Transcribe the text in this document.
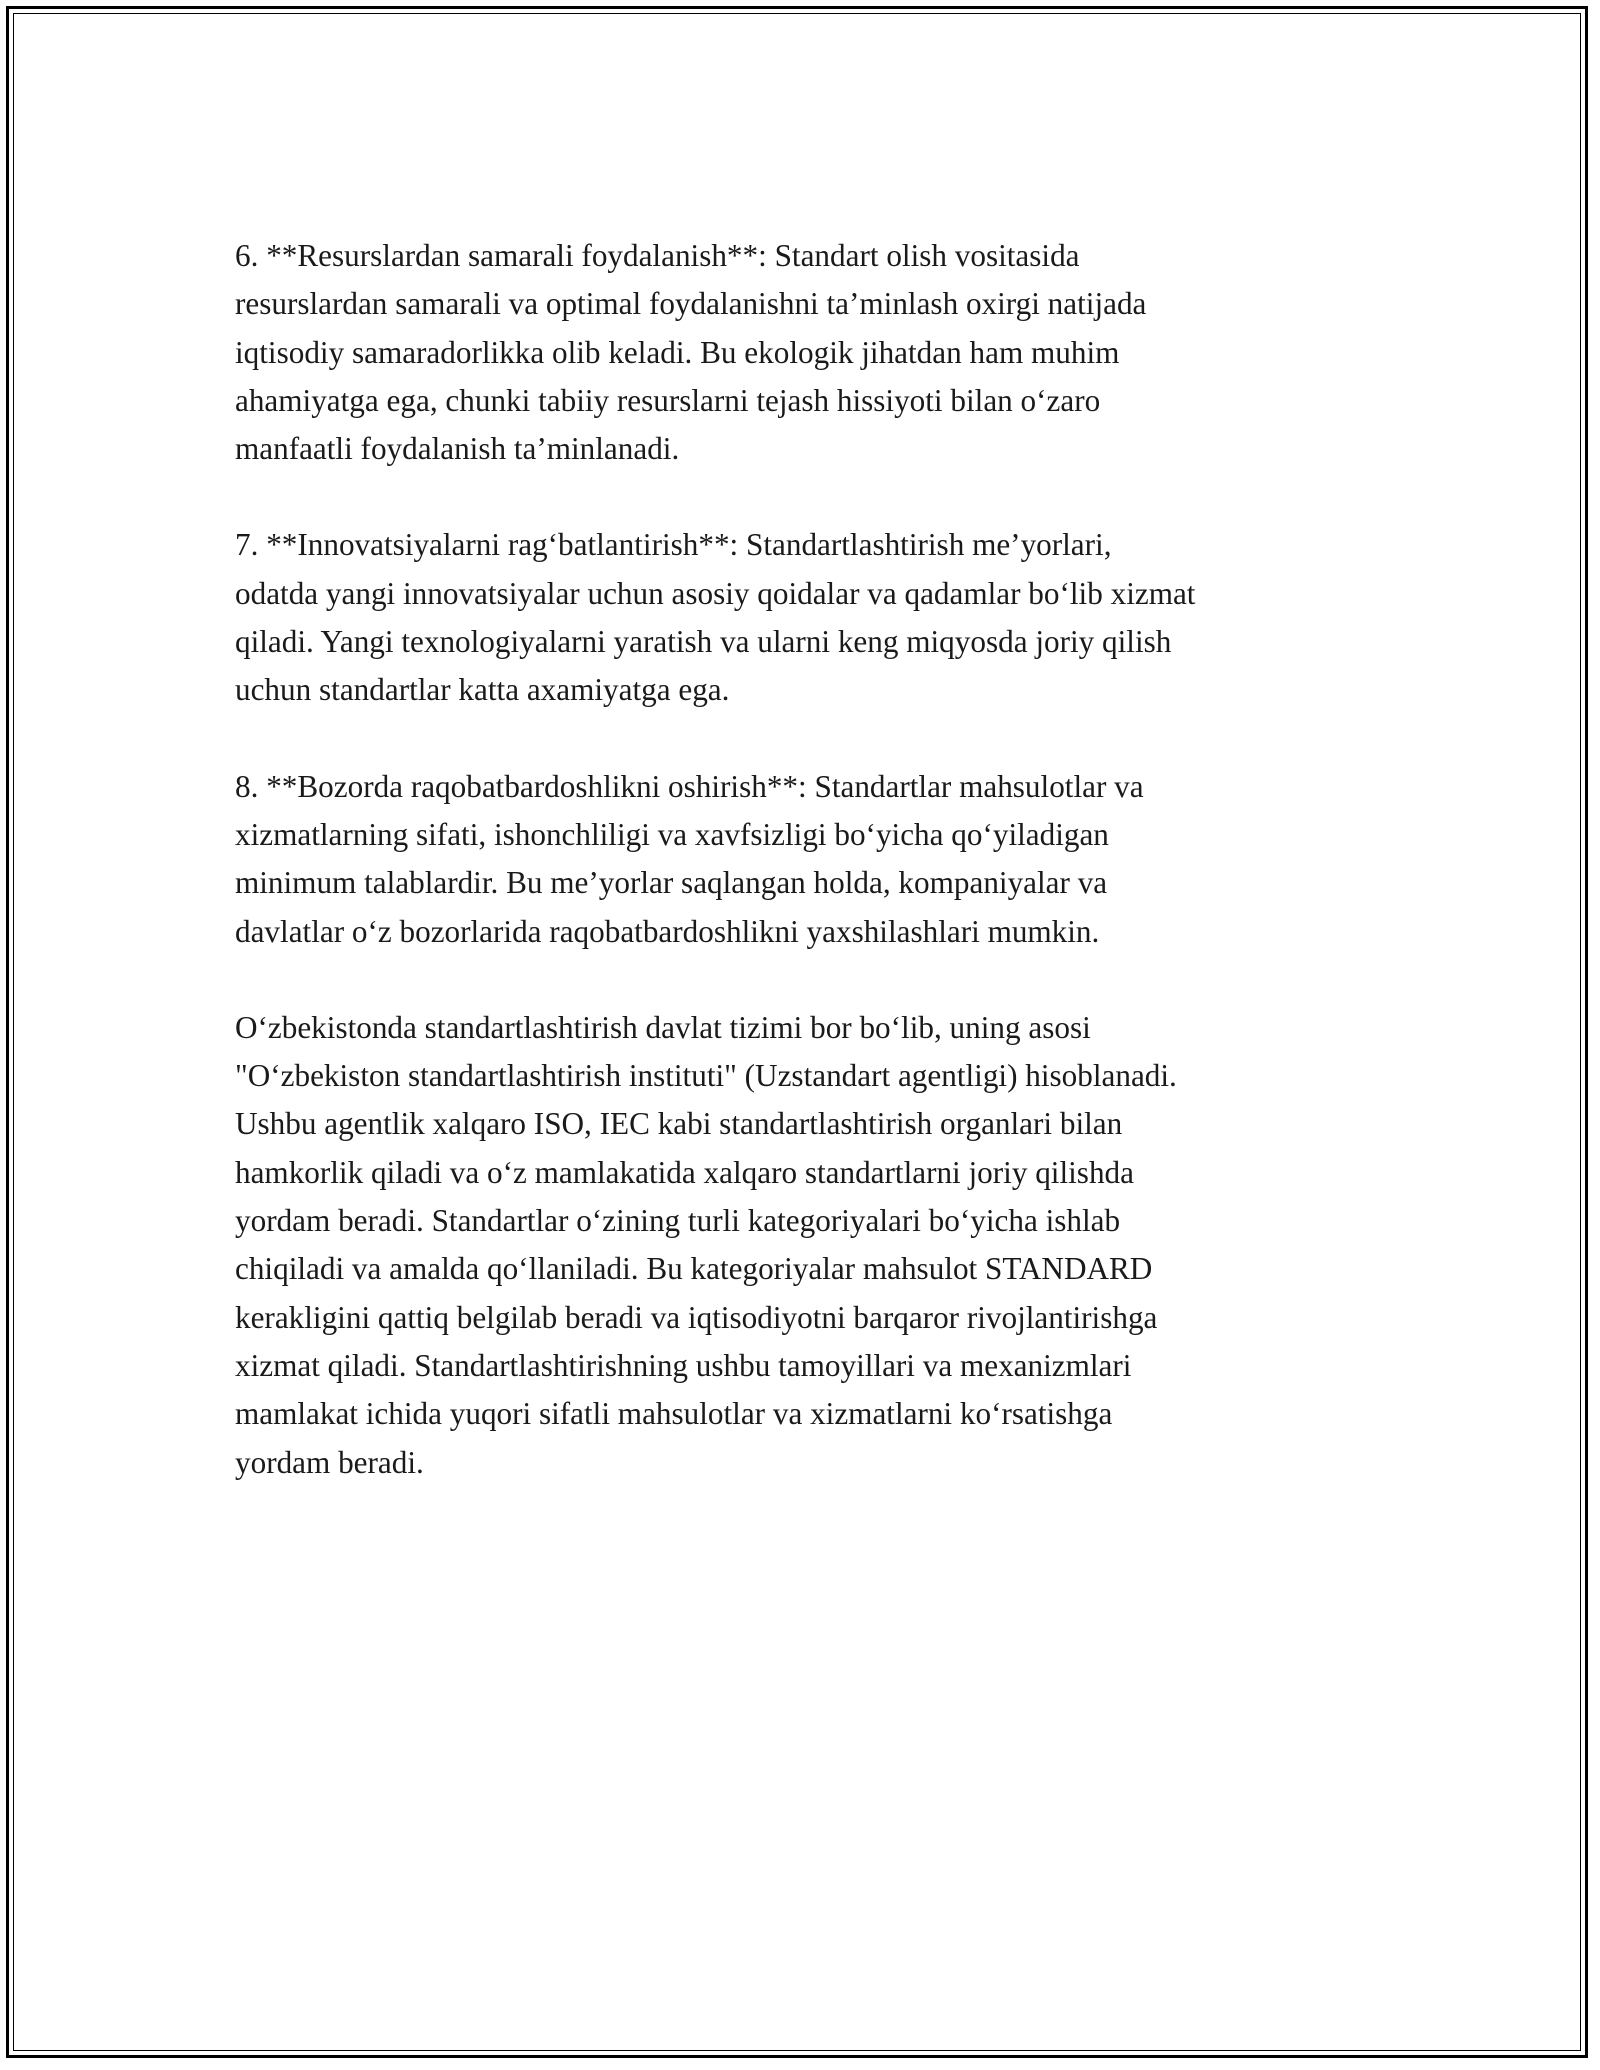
6. **Resurslardan samarali foydalanish**: Standart olish vositasida
resurslardan samarali va optimal foydalanishni ta’minlash oxirgi natijada
iqtisodiy samaradorlikka olib keladi. Bu ekologik jihatdan ham muhim
ahamiyatga ega, chunki tabiiy resurslarni tejash hissiyoti bilan o‘zaro
manfaatli foydalanish ta’minlanadi.

7. **Innovatsiyalarni rag‘batlantirish**: Standartlashtirish me’yorlari,
odatda yangi innovatsiyalar uchun asosiy qoidalar va qadamlar bo‘lib xizmat
qiladi. Yangi texnologiyalarni yaratish va ularni keng miqyosda joriy qilish
uchun standartlar katta axamiyatga ega.

8. **Bozorda raqobatbardoshlikni oshirish**: Standartlar mahsulotlar va
xizmatlarning sifati, ishonchliligi va xavfsizligi bo‘yicha qo‘yiladigan
minimum talablardir. Bu me’yorlar saqlangan holda, kompaniyalar va
davlatlar o‘z bozorlarida raqobatbardoshlikni yaxshilashlari mumkin.

O‘zbekistonda standartlashtirish davlat tizimi bor bo‘lib, uning asosi
"O‘zbekiston standartlashtirish instituti" (Uzstandart agentligi) hisoblanadi.
Ushbu agentlik xalqaro ISO, IEC kabi standartlashtirish organlari bilan
hamkorlik qiladi va o‘z mamlakatida xalqaro standartlarni joriy qilishda
yordam beradi. Standartlar o‘zining turli kategoriyalari bo‘yicha ishlab
chiqiladi va amalda qo‘llaniladi. Bu kategoriyalar mahsulot STANDARD
kerakligini qattiq belgilab beradi va iqtisodiyotni barqaror rivojlantirishga
xizmat qiladi. Standartlashtirishning ushbu tamoyillari va mexanizmlari
mamlakat ichida yuqori sifatli mahsulotlar va xizmatlarni ko‘rsatishga
yordam beradi.
